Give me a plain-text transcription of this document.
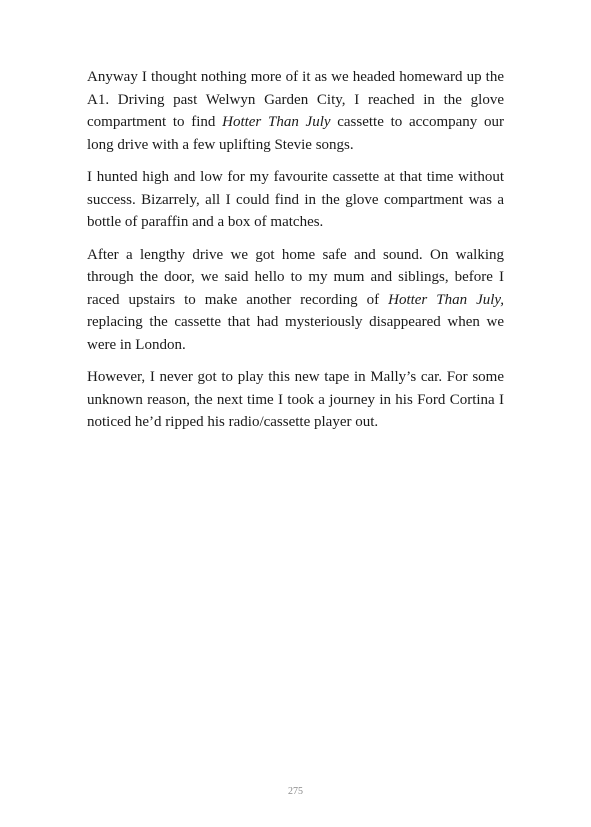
Anyway I thought nothing more of it as we headed homeward up the A1. Driving past Welwyn Garden City, I reached in the glove compartment to find Hotter Than July cassette to accompany our long drive with a few uplifting Stevie songs.

I hunted high and low for my favourite cassette at that time without success. Bizarrely, all I could find in the glove compartment was a bottle of paraffin and a box of matches.

After a lengthy drive we got home safe and sound. On walking through the door, we said hello to my mum and siblings, before I raced upstairs to make another recording of Hotter Than July, replacing the cassette that had mysteriously disappeared when we were in London.

However, I never got to play this new tape in Mally’s car. For some unknown reason, the next time I took a journey in his Ford Cortina I noticed he’d ripped his radio/cassette player out.

275
